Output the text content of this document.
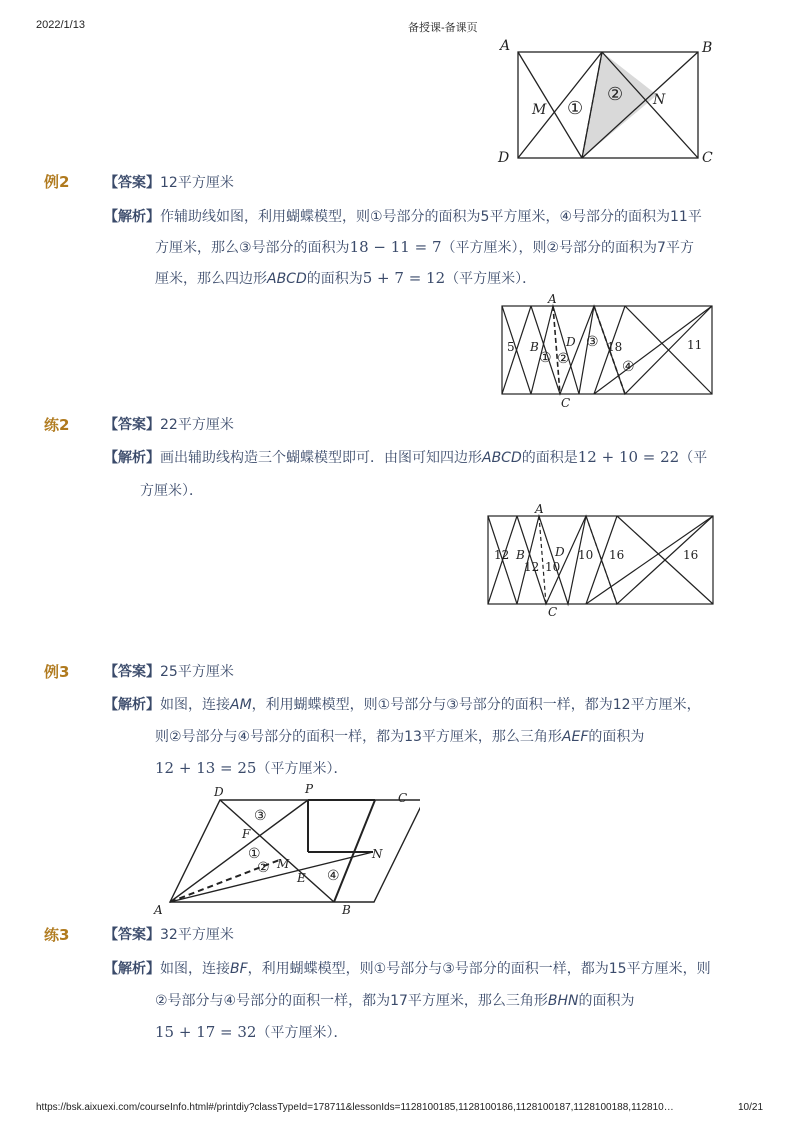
2022/1/13	备授课-备课页
A	B
C
D
M
N
①
②
例2 【答案】12平方厘米
【解析】作辅助线如图，利用蝴蝶模型，则①号部分的面积为5平方厘米，④号部分的面积为11平
方厘米，那么③号部分的面积为18 − 11 = 7（平方厘米），则②号部分的面积为7平方
厘米，那么四边形ABCD的面积为5 + 7 = 12（平方厘米）．
A
B
C
D
5
① ②
③ 18
④
11
练2 【答案】22平方厘米
【解析】画出辅助线构造三个蝴蝶模型即可．由图可知四边形ABCD的面积是12 + 10 = 22（平
方厘米）．
A
B
C
D
12
12 10
10 16	16
例3 【答案】25平方厘米
【解析】如图，连接AM，利用蝴蝶模型，则①号部分与③号部分的面积一样，都为12平方厘米，
则②号部分与④号部分的面积一样，都为13平方厘米，那么三角形AEF的面积为
12 + 13 = 25（平方厘米）．
A	B
C
D	P
F
M
N
E
③
①
②	④
练3 【答案】32平方厘米
【解析】如图，连接BF，利用蝴蝶模型，则①号部分与③号部分的面积一样，都为15平方厘米，则
②号部分与④号部分的面积一样，都为17平方厘米，那么三角形BHN的面积为
15 + 17 = 32（平方厘米）．
https://bsk.aixuexi.com/courseInfo.html#/printdiy?classTypeId=178711&lessonIds=1128100185,1128100186,1128100187,1128100188,112810…	10/21
